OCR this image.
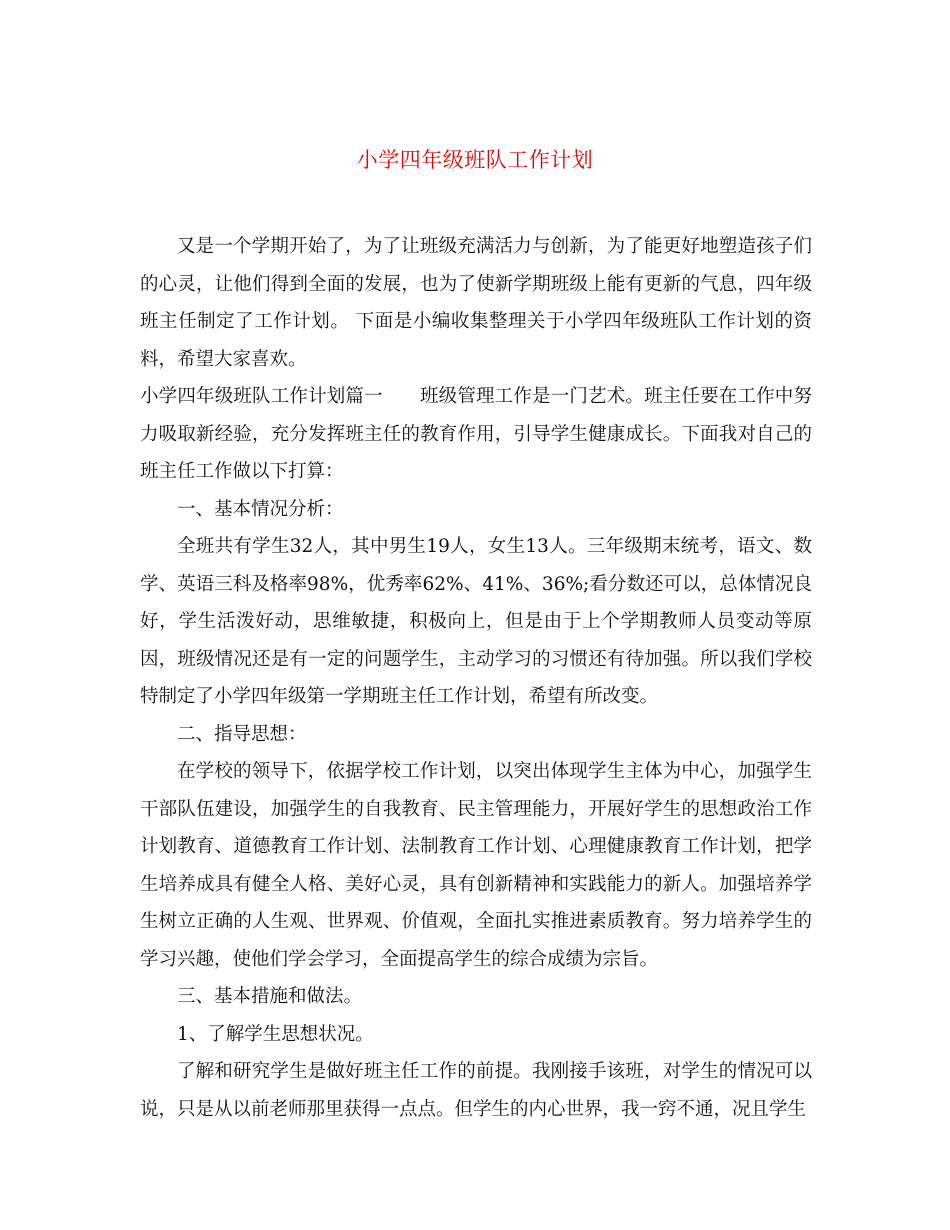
小学四年级班队工作计划

又是一个学期开始了，为了让班级充满活力与创新，为了能更好地塑造孩子们的心灵，让他们得到全面的发展，也为了使新学期班级上能有更新的气息，四年级班主任制定了工作计划。 下面是小编收集整理关于小学四年级班队工作计划的资料，希望大家喜欢。

小学四年级班队工作计划篇一 班级管理工作是一门艺术。班主任要在工作中努力吸取新经验，充分发挥班主任的教育作用，引导学生健康成长。下面我对自己的班主任工作做以下打算：

一、基本情况分析：

全班共有学生32人，其中男生19人，女生13人。三年级期末统考，语文、数学、英语三科及格率98%，优秀率62%、41%、36%;看分数还可以，总体情况良好，学生活泼好动，思维敏捷，积极向上，但是由于上个学期教师人员变动等原因，班级情况还是有一定的问题学生，主动学习的习惯还有待加强。所以我们学校特制定了小学四年级第一学期班主任工作计划，希望有所改变。

二、指导思想：

在学校的领导下，依据学校工作计划，以突出体现学生主体为中心，加强学生干部队伍建设，加强学生的自我教育、民主管理能力，开展好学生的思想政治工作计划教育、道德教育工作计划、法制教育工作计划、心理健康教育工作计划，把学生培养成具有健全人格、美好心灵，具有创新精神和实践能力的新人。加强培养学生树立正确的人生观、世界观、价值观，全面扎实推进素质教育。努力培养学生的学习兴趣，使他们学会学习，全面提高学生的综合成绩为宗旨。

三、基本措施和做法。

1、了解学生思想状况。

了解和研究学生是做好班主任工作的前提。我刚接手该班，对学生的情况可以说，只是从以前老师那里获得一点点。但学生的内心世界，我一窍不通，况且学生
